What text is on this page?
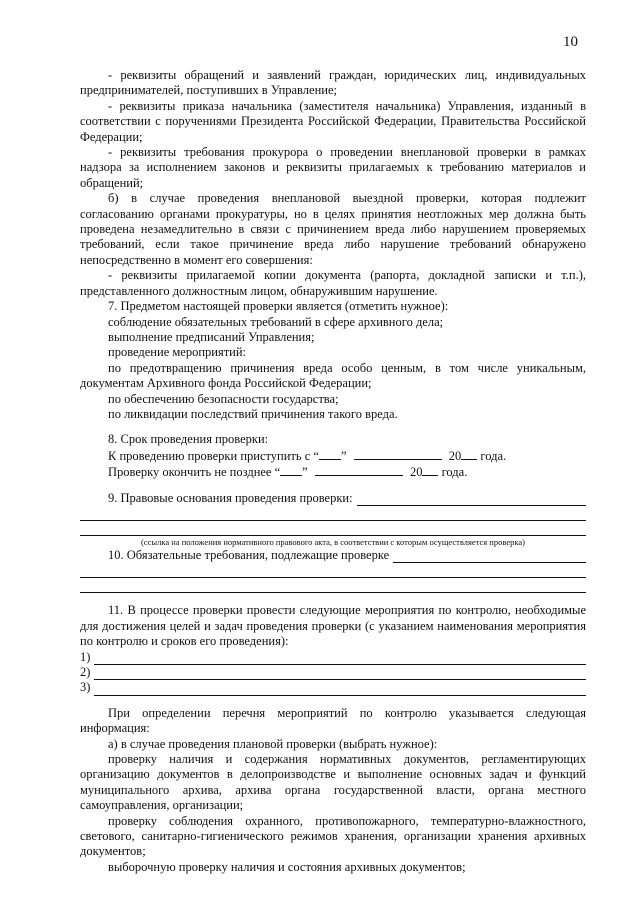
10

- реквизиты обращений и заявлений граждан, юридических лиц, индивидуальных предпринимателей, поступивших в Управление;

- реквизиты приказа начальника (заместителя начальника) Управления, изданный в соответствии с поручениями Президента Российской Федерации, Правительства Российской Федерации;

- реквизиты требования прокурора о проведении внеплановой проверки в рамках надзора за исполнением законов и реквизиты прилагаемых к требованию материалов и обращений;

б) в случае проведения внеплановой выездной проверки, которая подлежит согласованию органами прокуратуры, но в целях принятия неотложных мер должна быть проведена незамедлительно в связи с причинением вреда либо нарушением проверяемых требований, если такое причинение вреда либо нарушение требований обнаружено непосредственно в момент его совершения:

- реквизиты прилагаемой копии документа (рапорта, докладной записки и т.п.), представленного должностным лицом, обнаружившим нарушение.

7. Предметом настоящей проверки является (отметить нужное):

соблюдение обязательных требований в сфере архивного дела;

выполнение предписаний Управления;

проведение мероприятий:

по предотвращению причинения вреда особо ценным, в том числе уникальным, документам Архивного фонда Российской Федерации;

по обеспечению безопасности государства;

по ликвидации последствий причинения такого вреда.

8. Срок проведения проверки:

К проведению проверки приступить с “ ”	20 года.

Проверку окончить не позднее “ ”	20 года.

9. Правовые основания проведения проверки:
(ссылка на положения нормативного правового акта, в соответствии с которым осуществляется проверка)
10. Обязательные требования, подлежащие проверке

11. В процессе проверки провести следующие мероприятия по контролю, необходимые для достижения целей и задач проведения проверки (с указанием наименования мероприятия по контролю и сроков его проведения):

1)
2)
3)

При определении перечня мероприятий по контролю указывается следующая информация:

а) в случае проведения плановой проверки (выбрать нужное):

проверку наличия и содержания нормативных документов, регламентирующих организацию документов в делопроизводстве и выполнение основных задач и функций муниципального архива, архива органа государственной власти, органа местного самоуправления, организации;

проверку соблюдения охранного, противопожарного, температурно-влажностного, светового, санитарно-гигиенического режимов хранения, организации хранения архивных документов;

выборочную проверку наличия и состояния архивных документов;
